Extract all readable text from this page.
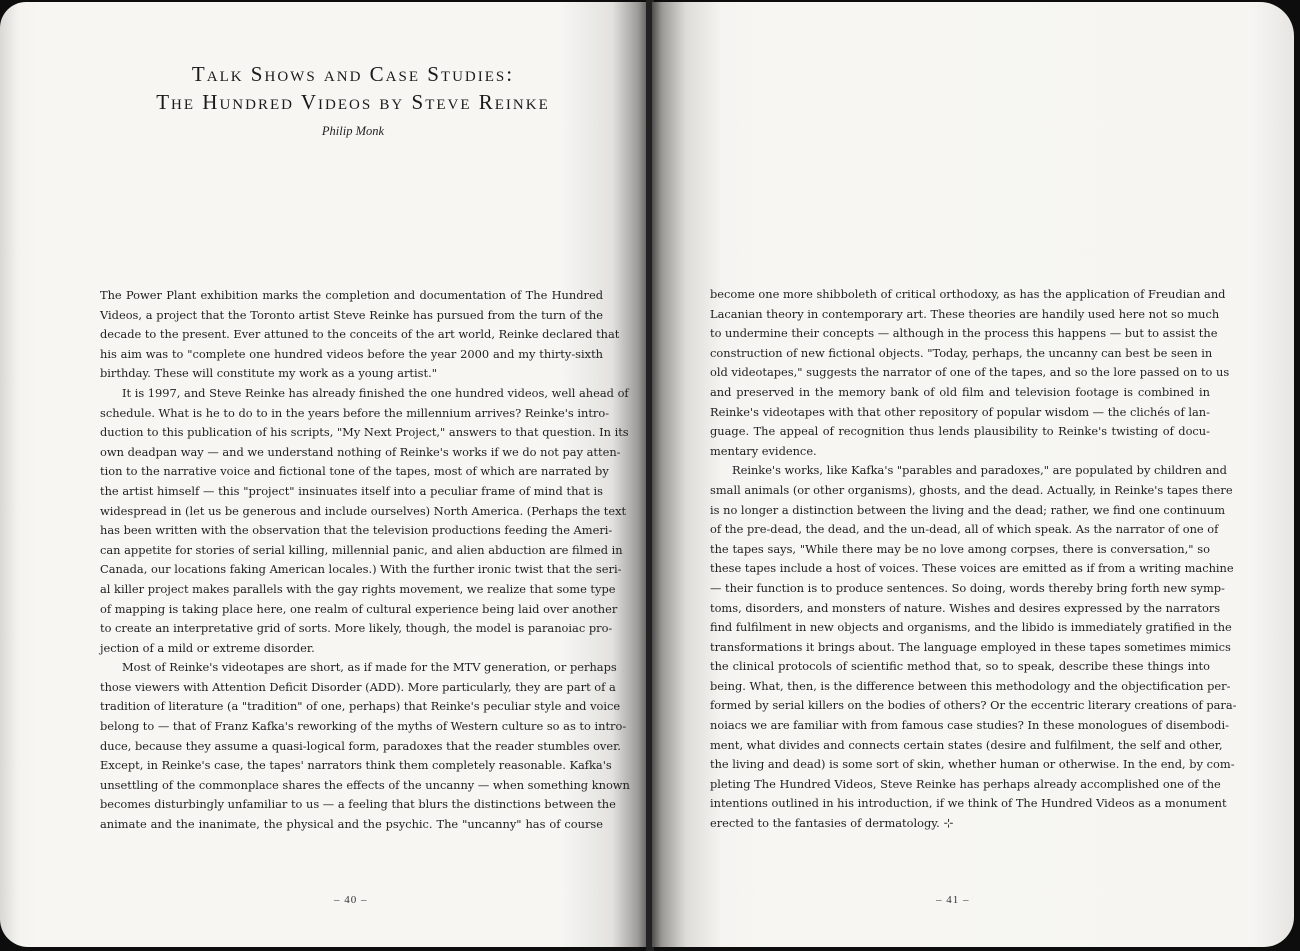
Talk Shows and Case Studies:
The Hundred Videos by Steve Reinke
Philip Monk
The Power Plant exhibition marks the completion and documentation of The Hundred
Videos, a project that the Toronto artist Steve Reinke has pursued from the turn of the
decade to the present. Ever attuned to the conceits of the art world, Reinke declared that
his aim was to "complete one hundred videos before the year 2000 and my thirty-sixth
birthday. These will constitute my work as a young artist."
It is 1997, and Steve Reinke has already finished the one hundred videos, well ahead of
schedule. What is he to do to in the years before the millennium arrives? Reinke's intro-
duction to this publication of his scripts, "My Next Project," answers to that question. In its
own deadpan way — and we understand nothing of Reinke's works if we do not pay atten-
tion to the narrative voice and fictional tone of the tapes, most of which are narrated by
the artist himself — this "project" insinuates itself into a peculiar frame of mind that is
widespread in (let us be generous and include ourselves) North America. (Perhaps the text
has been written with the observation that the television productions feeding the Ameri-
can appetite for stories of serial killing, millennial panic, and alien abduction are filmed in
Canada, our locations faking American locales.) With the further ironic twist that the seri-
al killer project makes parallels with the gay rights movement, we realize that some type
of mapping is taking place here, one realm of cultural experience being laid over another
to create an interpretative grid of sorts. More likely, though, the model is paranoiac pro-
jection of a mild or extreme disorder.
Most of Reinke's videotapes are short, as if made for the MTV generation, or perhaps
those viewers with Attention Deficit Disorder (ADD). More particularly, they are part of a
tradition of literature (a "tradition" of one, perhaps) that Reinke's peculiar style and voice
belong to — that of Franz Kafka's reworking of the myths of Western culture so as to intro-
duce, because they assume a quasi-logical form, paradoxes that the reader stumbles over.
Except, in Reinke's case, the tapes' narrators think them completely reasonable. Kafka's
unsettling of the commonplace shares the effects of the uncanny — when something known
becomes disturbingly unfamiliar to us — a feeling that blurs the distinctions between the
animate and the inanimate, the physical and the psychic. The "uncanny" has of course
– 40 –
become one more shibboleth of critical orthodoxy, as has the application of Freudian and
Lacanian theory in contemporary art. These theories are handily used here not so much
to undermine their concepts — although in the process this happens — but to assist the
construction of new fictional objects. "Today, perhaps, the uncanny can best be seen in
old videotapes," suggests the narrator of one of the tapes, and so the lore passed on to us
and preserved in the memory bank of old film and television footage is combined in
Reinke's videotapes with that other repository of popular wisdom — the clichés of lan-
guage. The appeal of recognition thus lends plausibility to Reinke's twisting of docu-
mentary evidence.
Reinke's works, like Kafka's "parables and paradoxes," are populated by children and
small animals (or other organisms), ghosts, and the dead. Actually, in Reinke's tapes there
is no longer a distinction between the living and the dead; rather, we find one continuum
of the pre-dead, the dead, and the un-dead, all of which speak. As the narrator of one of
the tapes says, "While there may be no love among corpses, there is conversation," so
these tapes include a host of voices. These voices are emitted as if from a writing machine
— their function is to produce sentences. So doing, words thereby bring forth new symp-
toms, disorders, and monsters of nature. Wishes and desires expressed by the narrators
find fulfilment in new objects and organisms, and the libido is immediately gratified in the
transformations it brings about. The language employed in these tapes sometimes mimics
the clinical protocols of scientific method that, so to speak, describe these things into
being. What, then, is the difference between this methodology and the objectification per-
formed by serial killers on the bodies of others? Or the eccentric literary creations of para-
noiacs we are familiar with from famous case studies? In these monologues of disembodi-
ment, what divides and connects certain states (desire and fulfilment, the self and other,
the living and dead) is some sort of skin, whether human or otherwise. In the end, by com-
pleting The Hundred Videos, Steve Reinke has perhaps already accomplished one of the
intentions outlined in his introduction, if we think of The Hundred Videos as a monument
erected to the fantasies of dermatology. ⊹
– 41 –
